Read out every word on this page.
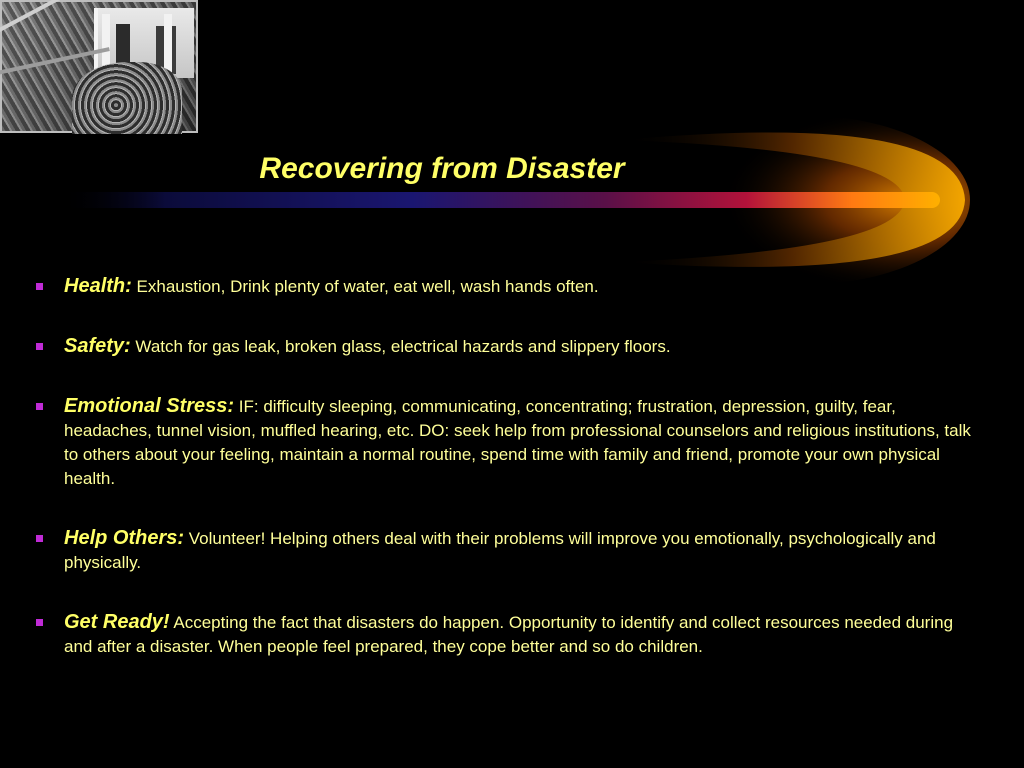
Recovering from Disaster
Health: Exhaustion, Drink plenty of water, eat well, wash hands often.
Safety: Watch for gas leak, broken glass, electrical hazards and slippery floors.
Emotional Stress: IF: difficulty sleeping, communicating, concentrating; frustration, depression, guilty, fear, headaches, tunnel vision, muffled hearing, etc. DO: seek help from professional counselors and religious institutions, talk to others about your feeling, maintain a normal routine, spend time with family and friend, promote your own physical health.
Help Others: Volunteer! Helping others deal with their problems will improve you emotionally, psychologically and physically.
Get Ready! Accepting the fact that disasters do happen. Opportunity to identify and collect resources needed during and after a disaster. When people feel prepared, they cope better and so do children.
